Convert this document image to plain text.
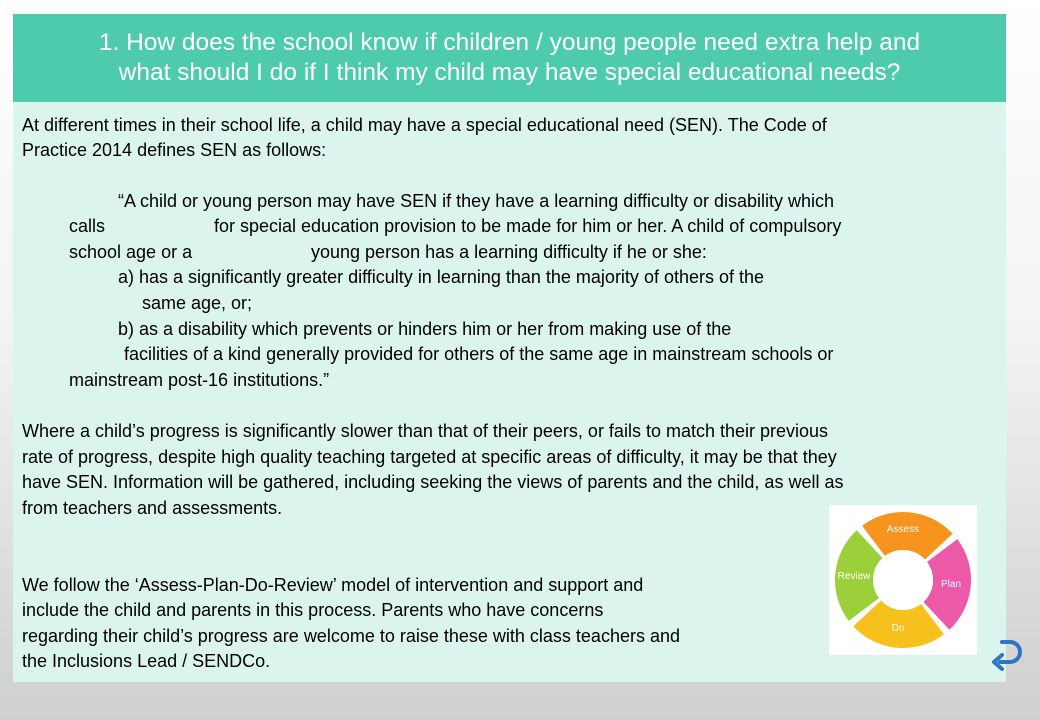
1. How does the school know if children / young people need extra help and
what should I do if I think my child may have special educational needs?
At different times in their school life, a child may have a special educational need (SEN). The Code of
Practice 2014 defines SEN as follows:
“A child or young person may have SEN if they have a learning difficulty or disability which
calls	for special education provision to be made for him or her. A child of compulsory
school age or a	young person has a learning difficulty if he or she:
a) has a significantly greater difficulty in learning than the majority of others of the
same age, or;
b) as a disability which prevents or hinders him or her from making use of the
facilities of a kind generally provided for others of the same age in mainstream schools or
mainstream post-16 institutions.”
Where a child’s progress is significantly slower than that of their peers, or fails to match their previous
rate of progress, despite high quality teaching targeted at specific areas of difficulty, it may be that they
have SEN. Information will be gathered, including seeking the views of parents and the child, as well as
from teachers and assessments.
We follow the ‘Assess-Plan-Do-Review’ model of intervention and support and
include the child and parents in this process. Parents who have concerns
regarding their child’s progress are welcome to raise these with class teachers and
the Inclusions Lead / SENDCo.
Assess
Plan
Do
Review
